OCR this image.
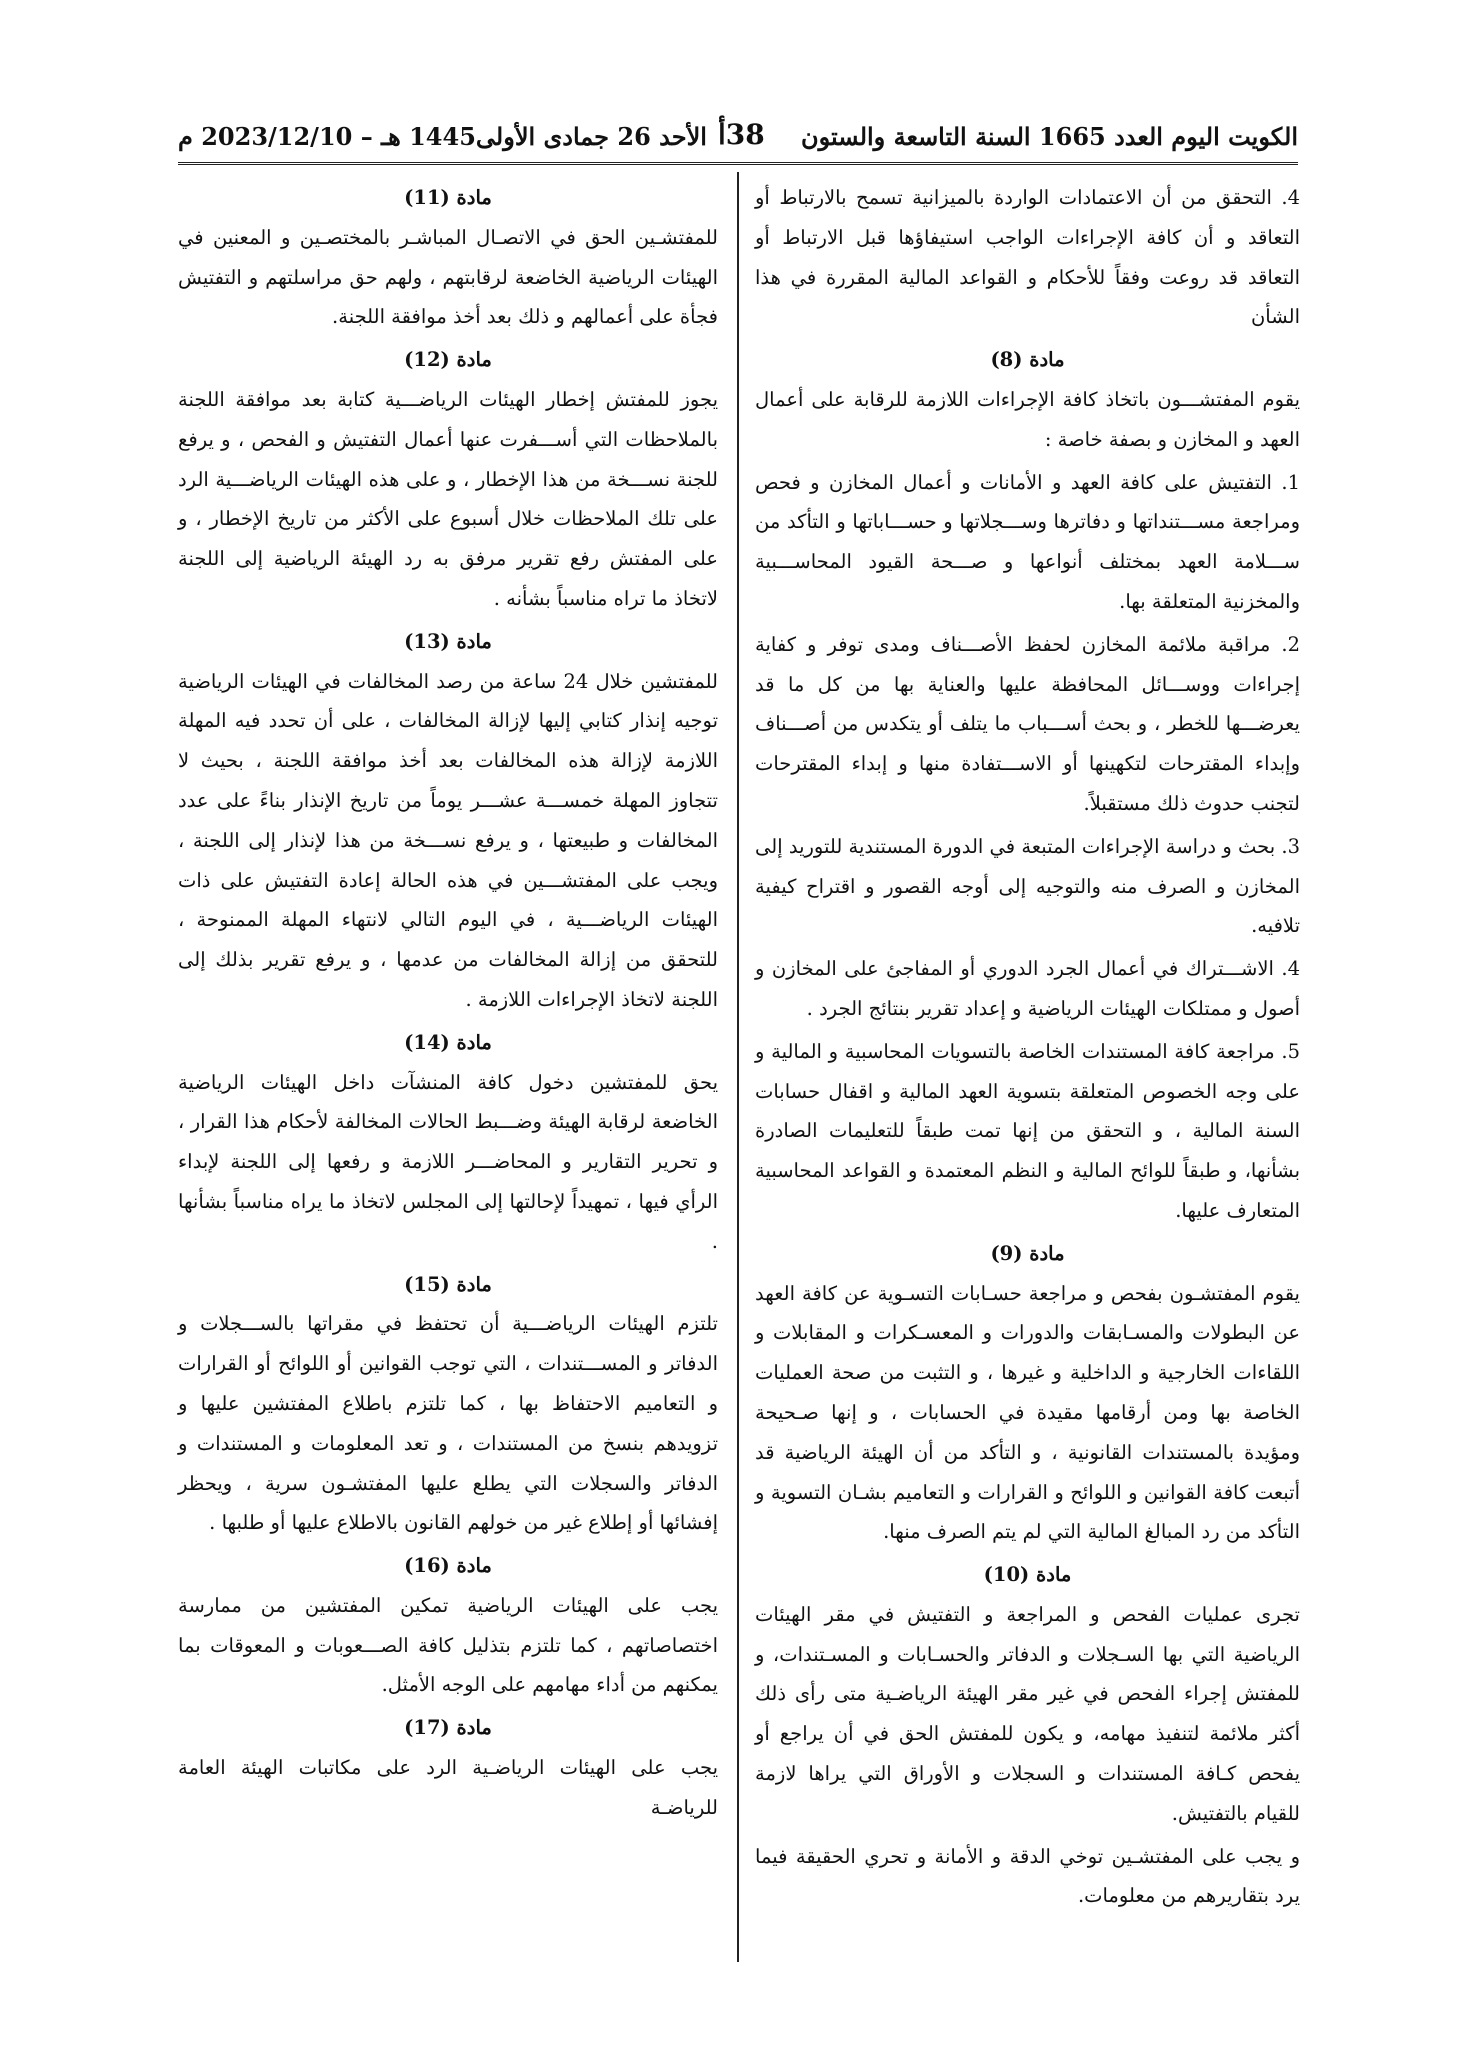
الكويت اليوم العدد 1665 السنة التاسعة والستون
38أ
الأحد 26 جمادى الأولى1445 هـ – 2023/12/10 م

4. التحقق من أن الاعتمادات الواردة بالميزانية تسمح بالارتباط أو التعاقد و أن كافة الإجراءات الواجب استيفاؤها قبل الارتباط أو التعاقد قد روعت وفقاً للأحكام و القواعد المالية المقررة في هذا الشأن

مادة (8)

يقوم المفتشـــون باتخاذ كافة الإجراءات اللازمة للرقابة على أعمال العهد و المخازن و بصفة خاصة :

1. التفتيش على كافة العهد و الأمانات و أعمال المخازن و فحص ومراجعة مســـتنداتها و دفاترها وســـجلاتها و حســـاباتها و التأكد من ســـلامة العهد بمختلف أنواعها و صـــحة القيود المحاســـبية والمخزنية المتعلقة بها.

2. مراقبة ملائمة المخازن لحفظ الأصـــناف ومدى توفر و كفاية إجراءات ووســـائل المحافظة عليها والعناية بها من كل ما قد يعرضـــها للخطر ، و بحث أســـباب ما يتلف أو يتكدس من أصـــناف وإبداء المقترحات لتكهينها أو الاســـتفادة منها و إبداء المقترحات لتجنب حدوث ذلك مستقبلاً.

3. بحث و دراسة الإجراءات المتبعة في الدورة المستندية للتوريد إلى المخازن و الصرف منه والتوجيه إلى أوجه القصور و اقتراح كيفية تلافيه.

4. الاشـــتراك في أعمال الجرد الدوري أو المفاجئ على المخازن و أصول و ممتلكات الهيئات الرياضية و إعداد تقرير بنتائج الجرد .

5. مراجعة كافة المستندات الخاصة بالتسويات المحاسبية و المالية و على وجه الخصوص المتعلقة بتسوية العهد المالية و اقفال حسابات السنة المالية ، و التحقق من إنها تمت طبقاً للتعليمات الصادرة بشأنها، و طبقاً للوائح المالية و النظم المعتمدة و القواعد المحاسبية المتعارف عليها.

مادة (9)

يقوم المفتشـون بفحص و مراجعة حسـابات التسـوية عن كافة العهد عن البطولات والمسـابقات والدورات و المعسـكرات و المقابلات و اللقاءات الخارجية و الداخلية و غيرها ، و التثبت من صحة العمليات الخاصة بها ومن أرقامها مقيدة في الحسابات ، و إنها صـحيحة ومؤيدة بالمستندات القانونية ، و التأكد من أن الهيئة الرياضية قد أتبعت كافة القوانين و اللوائح و القرارات و التعاميم بشـان التسوية و التأكد من رد المبالغ المالية التي لم يتم الصرف منها.

مادة (10)

تجرى عمليات الفحص و المراجعة و التفتيش في مقر الهيئات الرياضية التي بها السـجلات و الدفاتر والحسـابات و المسـتندات، و للمفتش إجراء الفحص في غير مقر الهيئة الرياضـية متى رأى ذلك أكثر ملائمة لتنفيذ مهامه، و يكون للمفتش الحق في أن يراجع أو يفحص كـافة المستندات و السجلات و الأوراق التي يراها لازمة للقيام بالتفتيش.

و يجب على المفتشـين توخي الدقة و الأمانة و تحري الحقيقة فيما يرد بتقاريرهم من معلومات.

مادة (11)

للمفتشـين الحق في الاتصـال المباشـر بالمختصـين و المعنين في الهيئات الرياضية الخاضعة لرقابتهم ، ولهم حق مراسلتهم و التفتيش فجأة على أعمالهم و ذلك بعد أخذ موافقة اللجنة.

مادة (12)

يجوز للمفتش إخطار الهيئات الرياضـــية كتابة بعد موافقة اللجنة بالملاحظات التي أســـفرت عنها أعمال التفتيش و الفحص ، و يرفع للجنة نســـخة من هذا الإخطار ، و على هذه الهيئات الرياضـــية الرد على تلك الملاحظات خلال أسبوع على الأكثر من تاريخ الإخطار ، و على المفتش رفع تقرير مرفق به رد الهيئة الرياضية إلى اللجنة لاتخاذ ما تراه مناسباً بشأنه .

مادة (13)

للمفتشين خلال 24 ساعة من رصد المخالفات في الهيئات الرياضية توجيه إنذار كتابي إليها لإزالة المخالفات ، على أن تحدد فيه المهلة اللازمة لإزالة هذه المخالفات بعد أخذ موافقة اللجنة ، بحيث لا تتجاوز المهلة خمســـة عشـــر يوماً من تاريخ الإنذار بناءً على عدد المخالفات و طبيعتها ، و يرفع نســـخة من هذا لإنذار إلى اللجنة ، ويجب على المفتشـــين في هذه الحالة إعادة التفتيش على ذات الهيئات الرياضـــية ، في اليوم التالي لانتهاء المهلة الممنوحة ، للتحقق من إزالة المخالفات من عدمها ، و يرفع تقرير بذلك إلى اللجنة لاتخاذ الإجراءات اللازمة .

مادة (14)

يحق للمفتشين دخول كافة المنشآت داخل الهيئات الرياضية الخاضعة لرقابة الهيئة وضـــبط الحالات المخالفة لأحكام هذا القرار ، و تحرير التقارير و المحاضـــر اللازمة و رفعها إلى اللجنة لإبداء الرأي فيها ، تمهيداً لإحالتها إلى المجلس لاتخاذ ما يراه مناسباً بشأنها .

مادة (15)

تلتزم الهيئات الرياضـــية أن تحتفظ في مقراتها بالســـجلات و الدفاتر و المســـتندات ، التي توجب القوانين أو اللوائح أو القرارات و التعاميم الاحتفاظ بها ، كما تلتزم باطلاع المفتشين عليها و تزويدهم بنسخ من المستندات ، و تعد المعلومات و المستندات و الدفاتر والسجلات التي يطلع عليها المفتشـون سرية ، ويحظر إفشائها أو إطلاع غير من خولهم القانون بالاطلاع عليها أو طلبها .

مادة (16)

يجب على الهيئات الرياضية تمكين المفتشين من ممارسة اختصاصاتهم ، كما تلتزم بتذليل كافة الصـــعوبات و المعوقات بما يمكنهم من أداء مهامهم على الوجه الأمثل.

مادة (17)

يجب على الهيئات الرياضـية الرد على مكاتبات الهيئة العامة للرياضـة
